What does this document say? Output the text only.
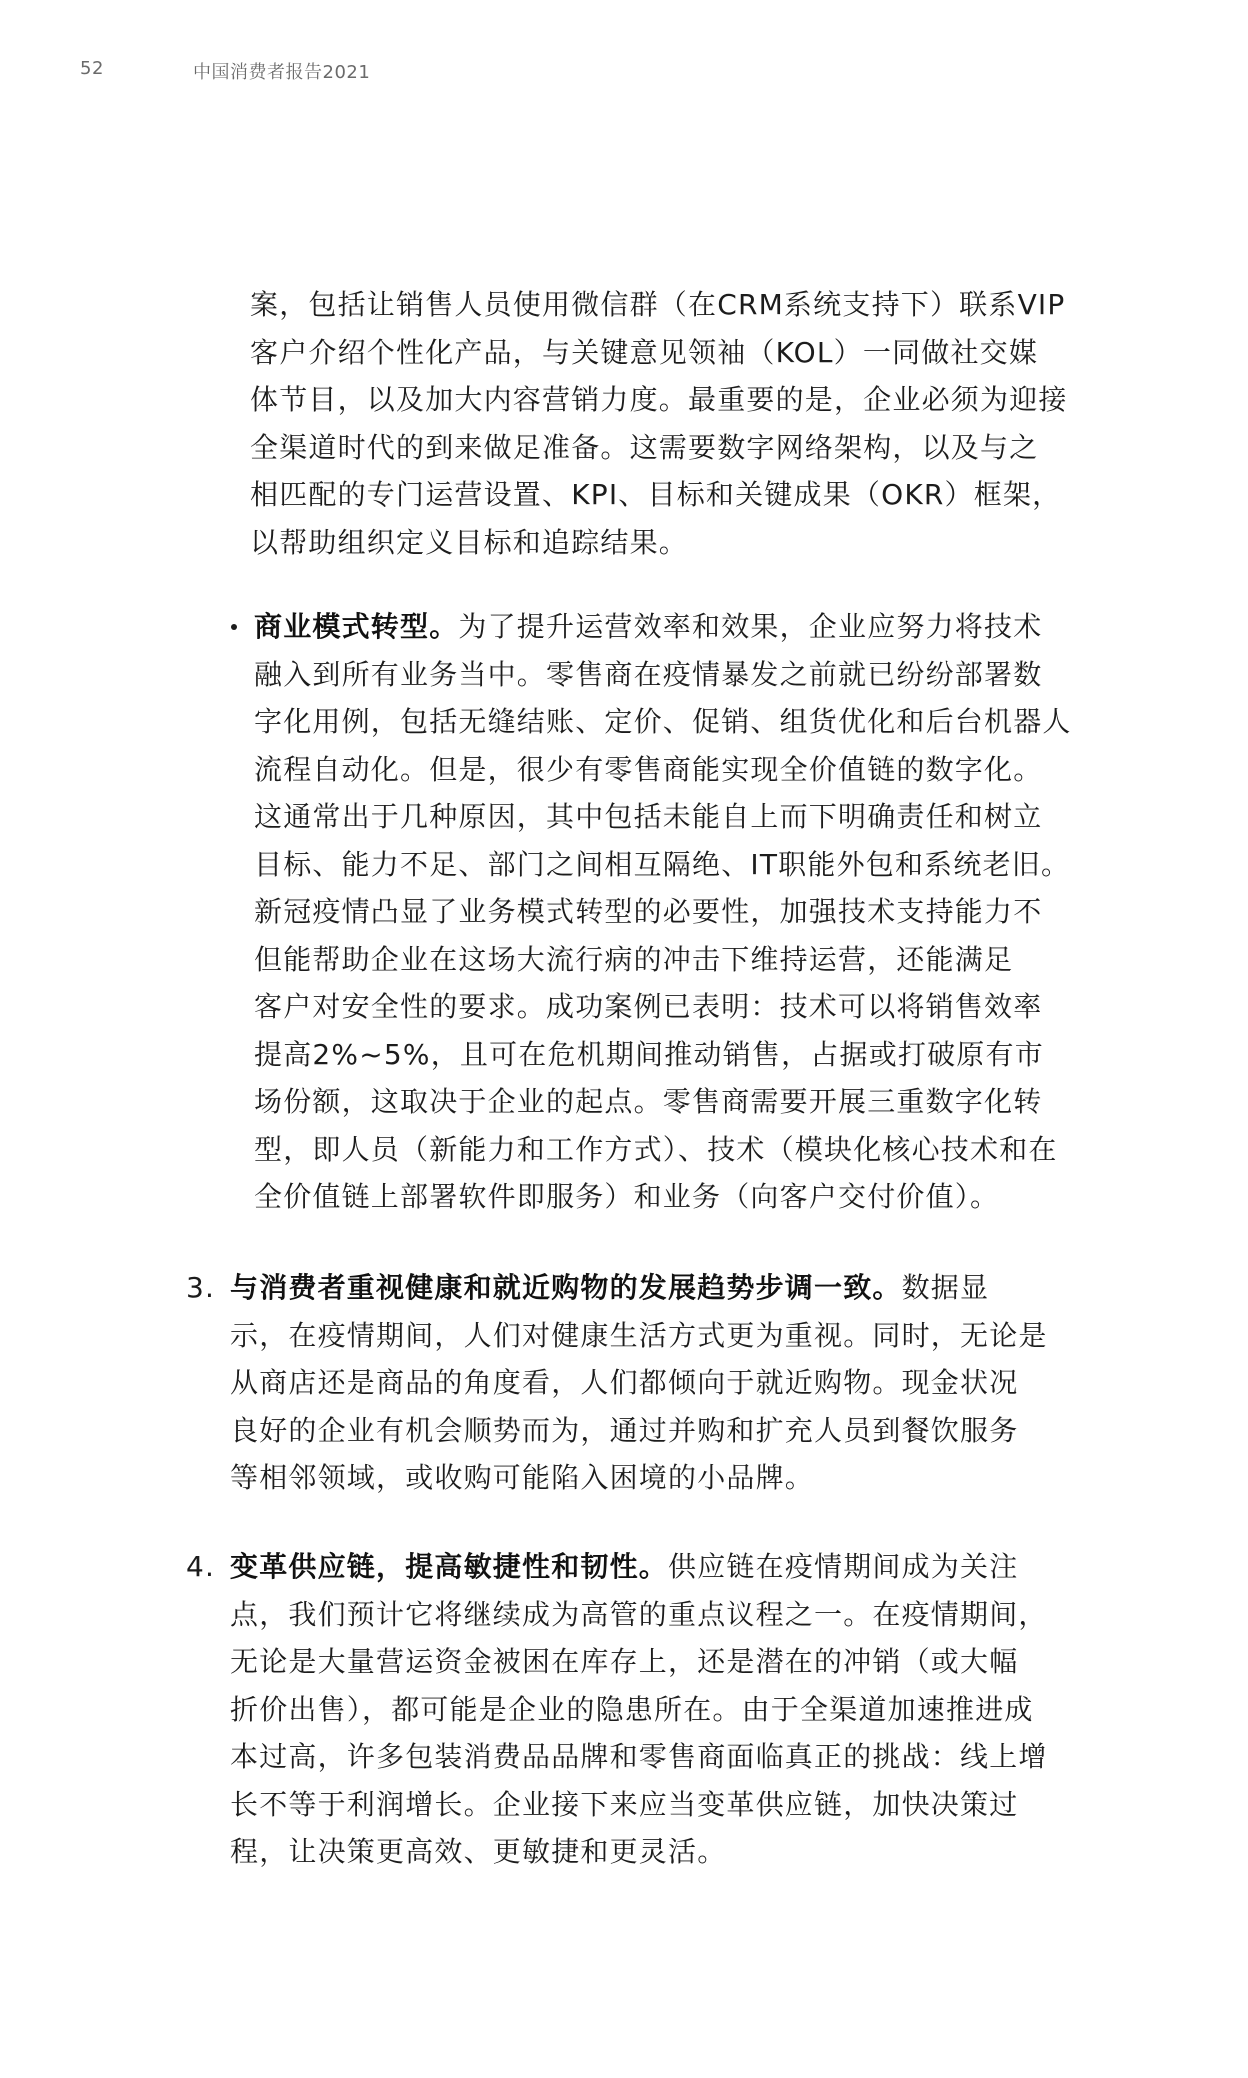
52	中国消费者报告2021
案，包括让销售人员使用微信群（在CRM系统支持下）联系VIP
客户介绍个性化产品，与关键意见领袖（KOL）一同做社交媒
体节目，以及加大内容营销力度。最重要的是，企业必须为迎接
全渠道时代的到来做足准备。这需要数字网络架构，以及与之
相匹配的专门运营设置、KPI、目标和关键成果（OKR）框架，
以帮助组织定义目标和追踪结果。
商业模式转型。为了提升运营效率和效果，企业应努力将技术
融入到所有业务当中。零售商在疫情暴发之前就已纷纷部署数
字化用例，包括无缝结账、定价、促销、组货优化和后台机器人
流程自动化。但是，很少有零售商能实现全价值链的数字化。
这通常出于几种原因，其中包括未能自上而下明确责任和树立
目标、能力不足、部门之间相互隔绝、IT职能外包和系统老旧。
新冠疫情凸显了业务模式转型的必要性，加强技术支持能力不
但能帮助企业在这场大流行病的冲击下维持运营，还能满足
客户对安全性的要求。成功案例已表明：技术可以将销售效率
提高2%~5%，且可在危机期间推动销售，占据或打破原有市
场份额，这取决于企业的起点。零售商需要开展三重数字化转
型，即人员（新能力和工作方式）、技术（模块化核心技术和在
全价值链上部署软件即服务）和业务（向客户交付价值）。
3. 与消费者重视健康和就近购物的发展趋势步调一致。数据显
示，在疫情期间，人们对健康生活方式更为重视。同时，无论是
从商店还是商品的角度看，人们都倾向于就近购物。现金状况
良好的企业有机会顺势而为，通过并购和扩充人员到餐饮服务
等相邻领域，或收购可能陷入困境的小品牌。
4. 变革供应链，提高敏捷性和韧性。供应链在疫情期间成为关注
点，我们预计它将继续成为高管的重点议程之一。在疫情期间，
无论是大量营运资金被困在库存上，还是潜在的冲销（或大幅
折价出售），都可能是企业的隐患所在。由于全渠道加速推进成
本过高，许多包装消费品品牌和零售商面临真正的挑战：线上增
长不等于利润增长。企业接下来应当变革供应链，加快决策过
程，让决策更高效、更敏捷和更灵活。
